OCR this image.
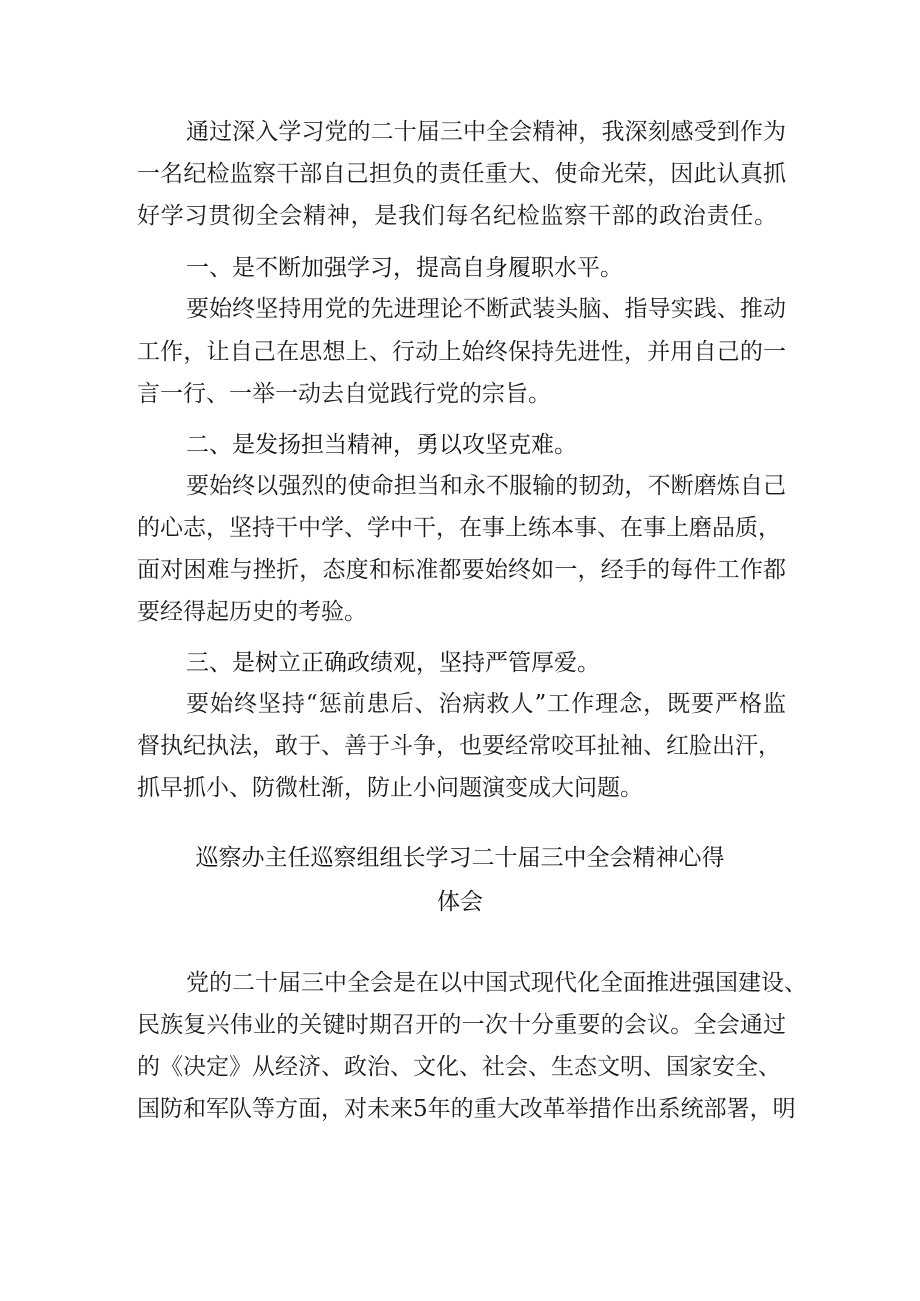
通过深入学习党的二十届三中全会精神，我深刻感受到作为
一名纪检监察干部自己担负的责任重大、使命光荣，因此认真抓
好学习贯彻全会精神，是我们每名纪检监察干部的政治责任。
一、是不断加强学习，提高自身履职水平。
要始终坚持用党的先进理论不断武装头脑、指导实践、推动
工作，让自己在思想上、行动上始终保持先进性，并用自己的一
言一行、一举一动去自觉践行党的宗旨。
二、是发扬担当精神，勇以攻坚克难。
要始终以强烈的使命担当和永不服输的韧劲，不断磨炼自己
的心志，坚持干中学、学中干，在事上练本事、在事上磨品质，
面对困难与挫折，态度和标准都要始终如一，经手的每件工作都
要经得起历史的考验。
三、是树立正确政绩观，坚持严管厚爱。
要始终坚持“惩前患后、治病救人”工作理念，既要严格监
督执纪执法，敢于、善于斗争，也要经常咬耳扯袖、红脸出汗，
抓早抓小、防微杜渐，防止小问题演变成大问题。
巡察办主任巡察组组长学习二十届三中全会精神心得
体会
党的二十届三中全会是在以中国式现代化全面推进强国建设、
民族复兴伟业的关键时期召开的一次十分重要的会议。全会通过
的《决定》从经济、政治、文化、社会、生态文明、国家安全、
国防和军队等方面，对未来5年的重大改革举措作出系统部署，明
